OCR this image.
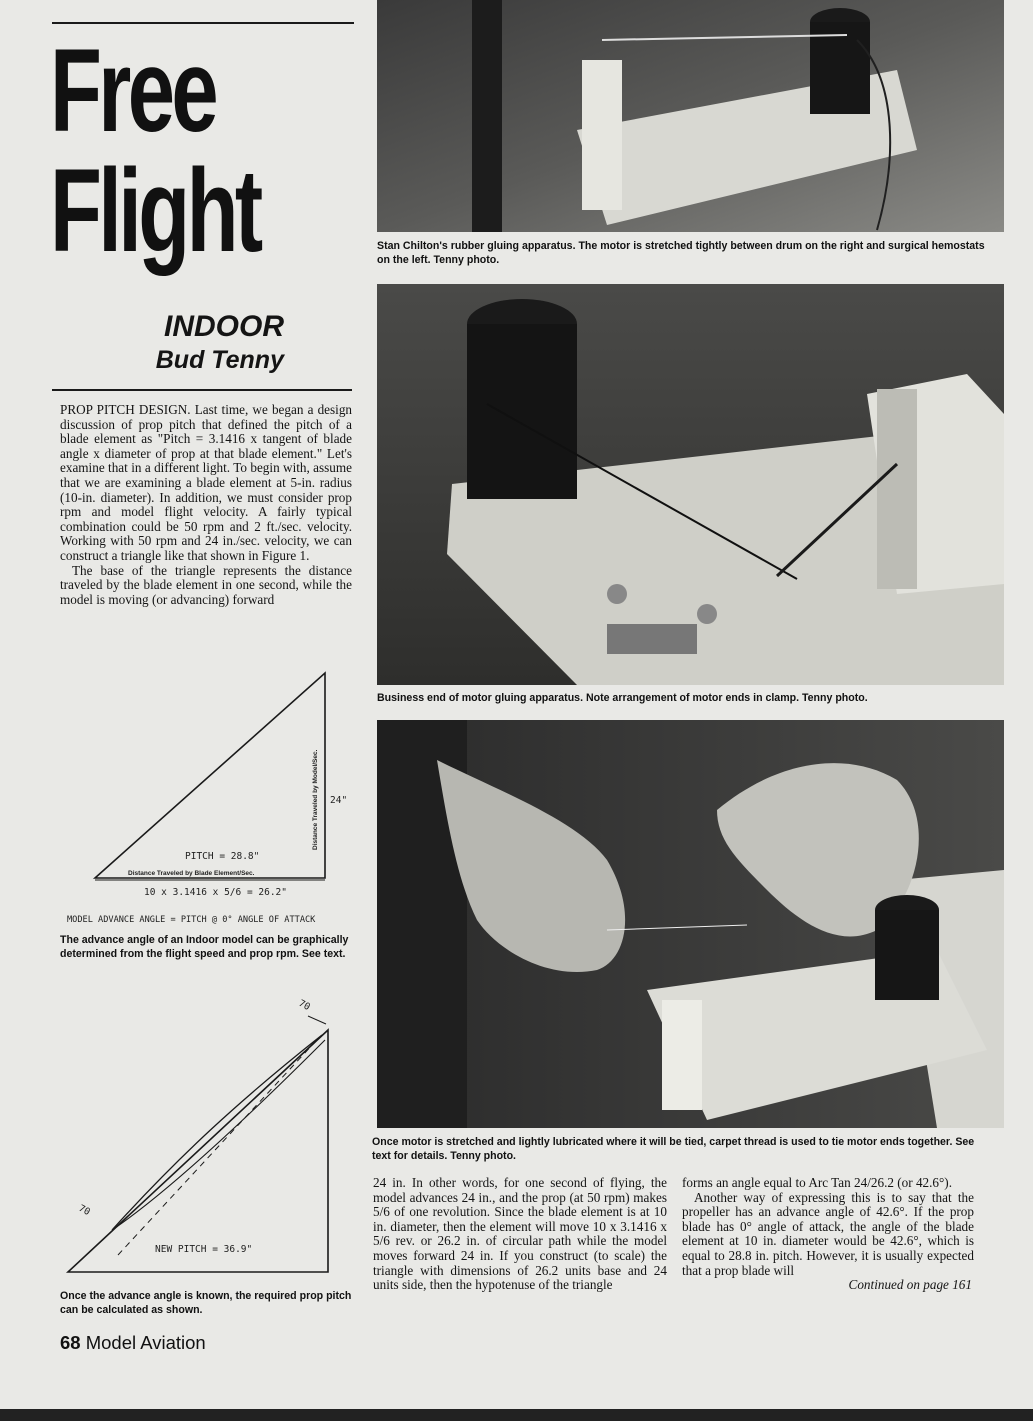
Free
Flight
INDOOR
Bud Tenny

PROP PITCH DESIGN. Last time, we began a design discussion of prop pitch that defined the pitch of a blade element as "Pitch = 3.1416 x tangent of blade angle x diameter of prop at that blade element." Let's examine that in a different light. To begin with, assume that we are examining a blade element at 5-in. radius (10-in. diameter). In addition, we must consider prop rpm and model flight velocity. A fairly typical combination could be 50 rpm and 2 ft./sec. velocity. Working with 50 rpm and 24 in./sec. velocity, we can construct a triangle like that shown in Figure 1.

The base of the triangle represents the distance traveled by the blade element in one second, while the model is moving (or advancing) forward

Distance Traveled by Model/Sec. 24"
PITCH = 28.8"
Distance Traveled by Blade Element/Sec.
10 x 3.1416 x 5/6 = 26.2"
MODEL ADVANCE ANGLE = PITCH @ 0° ANGLE OF ATTACK
The advance angle of an Indoor model can be graphically determined from the flight speed and prop rpm. See text.
70
70
NEW PITCH = 36.9"
Once the advance angle is known, the required prop pitch can be calculated as shown.
Stan Chilton's rubber gluing apparatus. The motor is stretched tightly between drum on the right and surgical hemostats on the left. Tenny photo.
Business end of motor gluing apparatus. Note arrangement of motor ends in clamp. Tenny photo.
Once motor is stretched and lightly lubricated where it will be tied, carpet thread is used to tie motor ends together. See text for details. Tenny photo.

24 in. In other words, for one second of flying, the model advances 24 in., and the prop (at 50 rpm) makes 5/6 of one revolution. Since the blade element is at 10 in. diameter, then the element will move 10 x 3.1416 x 5/6 rev. or 26.2 in. of circular path while the model moves forward 24 in. If you construct (to scale) the triangle with dimensions of 26.2 units base and 24 units side, then the hypotenuse of the triangle

forms an angle equal to Arc Tan 24/26.2 (or 42.6°).

Another way of expressing this is to say that the propeller has an advance angle of 42.6°. If the prop blade has 0° angle of attack, the angle of the blade element at 10 in. diameter would be 42.6°, which is equal to 28.8 in. pitch. However, it is usually expected that a prop blade will

Continued on page 161

68 Model Aviation
